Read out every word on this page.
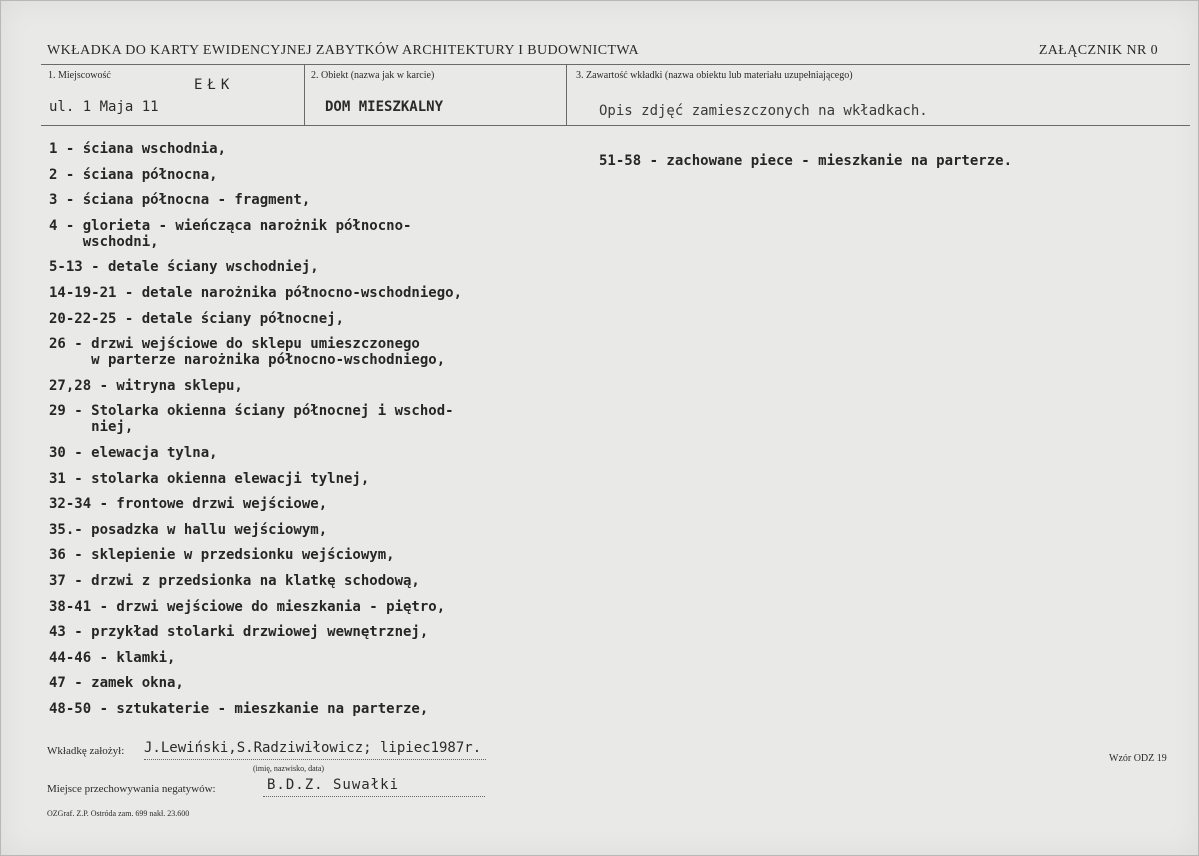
WKŁADKA DO KARTY EWIDENCYJNEJ ZABYTKÓW ARCHITEKTURY I BUDOWNICTWA	ZAŁĄCZNIK NR 0
1. Miejscowość	2. Obiekt (nazwa jak w karcie)	3. Zawartość wkładki (nazwa obiektu lub materiału uzupełniającego)
EŁK
ul. 1 Maja 11	DOM MIESZKALNY	Opis zdjęć zamieszczonych na wkładkach.
1 - ściana wschodnia,
2 - ściana północna,
3 - ściana północna - fragment,
4 - glorieta - wieńcząca narożnik północno-
wschodni,
5-13 - detale ściany wschodniej,
14-19-21 - detale narożnika północno-wschodniego,
20-22-25 - detale ściany północnej,
26 - drzwi wejściowe do sklepu umieszczonego
w parterze narożnika północno-wschodniego,
27,28 - witryna sklepu,
29 - Stolarka okienna ściany północnej i wschod-
niej,
30 - elewacja tylna,
31 - stolarka okienna elewacji tylnej,
32-34 - frontowe drzwi wejściowe,
35.- posadzka w hallu wejściowym,
36 - sklepienie w przedsionku wejściowym,
37 - drzwi z przedsionka na klatkę schodową,
38-41 - drzwi wejściowe do mieszkania - piętro,
43 - przykład stolarki drzwiowej wewnętrznej,
44-46 - klamki,
47 - zamek okna,
48-50 - sztukaterie - mieszkanie na parterze,
51-58 - zachowane piece - mieszkanie na parterze.
Wkładkę założył: J.Lewiński,S.Radziwiłowicz; lipiec1987r.
(imię, nazwisko, data)
Miejsce przechowywania negatywów:	B.D.Z. Suwałki
OZGraf. Z.P. Ostróda zam. 699 nakł. 23.600
Wzór ODZ 19
